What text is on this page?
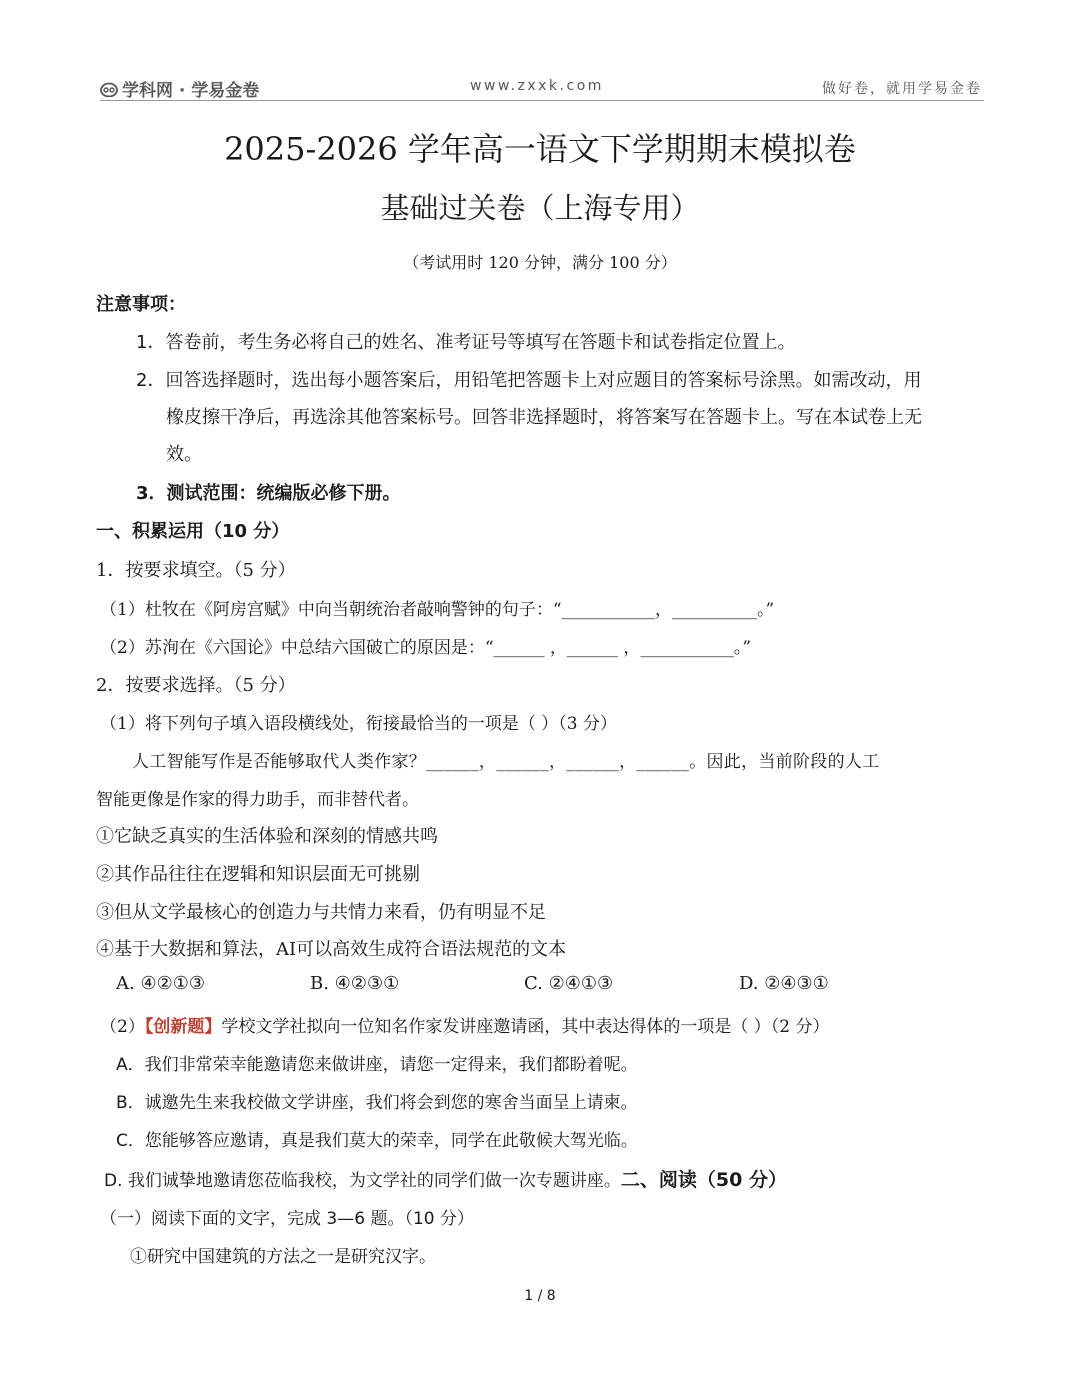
学科网 · 学易金卷	www.zxxk.com	做好卷，就用学易金卷
2025-2026 学年高一语文下学期期末模拟卷
基础过关卷（上海专用）
（考试用时 120 分钟，满分 100 分）
注意事项：
1．答卷前，考生务必将自己的姓名、准考证号等填写在答题卡和试卷指定位置上。
2．回答选择题时，选出每小题答案后，用铅笔把答题卡上对应题目的答案标号涂黑。如需改动，用
橡皮擦干净后，再选涂其他答案标号。回答非选择题时，将答案写在答题卡上。写在本试卷上无
效。
3．测试范围：统编版必修下册。
一、积累运用（10 分）
1．按要求填空。（5 分）
（1）杜牧在《阿房宫赋》中向当朝统治者敲响警钟的句子：“___________，__________。”
（2）苏洵在《六国论》中总结六国破亡的原因是：“______ ，______ ，___________。”
2．按要求选择。（5 分）
（1）将下列句子填入语段横线处，衔接最恰当的一项是（ ）（3 分）
人工智能写作是否能够取代人类作家？______，______，______，______。因此，当前阶段的人工
智能更像是作家的得力助手，而非替代者。
①它缺乏真实的生活体验和深刻的情感共鸣
②其作品往往在逻辑和知识层面无可挑剔
③但从文学最核心的创造力与共情力来看，仍有明显不足
④基于大数据和算法，AI可以高效生成符合语法规范的文本
A. ④②①③	B. ④②③①	C. ②④①③	D. ②④③①
（2）【创新题】学校文学社拟向一位知名作家发讲座邀请函，其中表达得体的一项是（ ）（2 分）
A．我们非常荣幸能邀请您来做讲座，请您一定得来，我们都盼着呢。
B．诚邀先生来我校做文学讲座，我们将会到您的寒舍当面呈上请柬。
C．您能够答应邀请，真是我们莫大的荣幸，同学在此敬候大驾光临。
D. 我们诚挚地邀请您莅临我校，为文学社的同学们做一次专题讲座。二、阅读（50 分）
（一）阅读下面的文字，完成 3—6 题。（10 分）
①研究中国建筑的方法之一是研究汉字。
1 / 8
